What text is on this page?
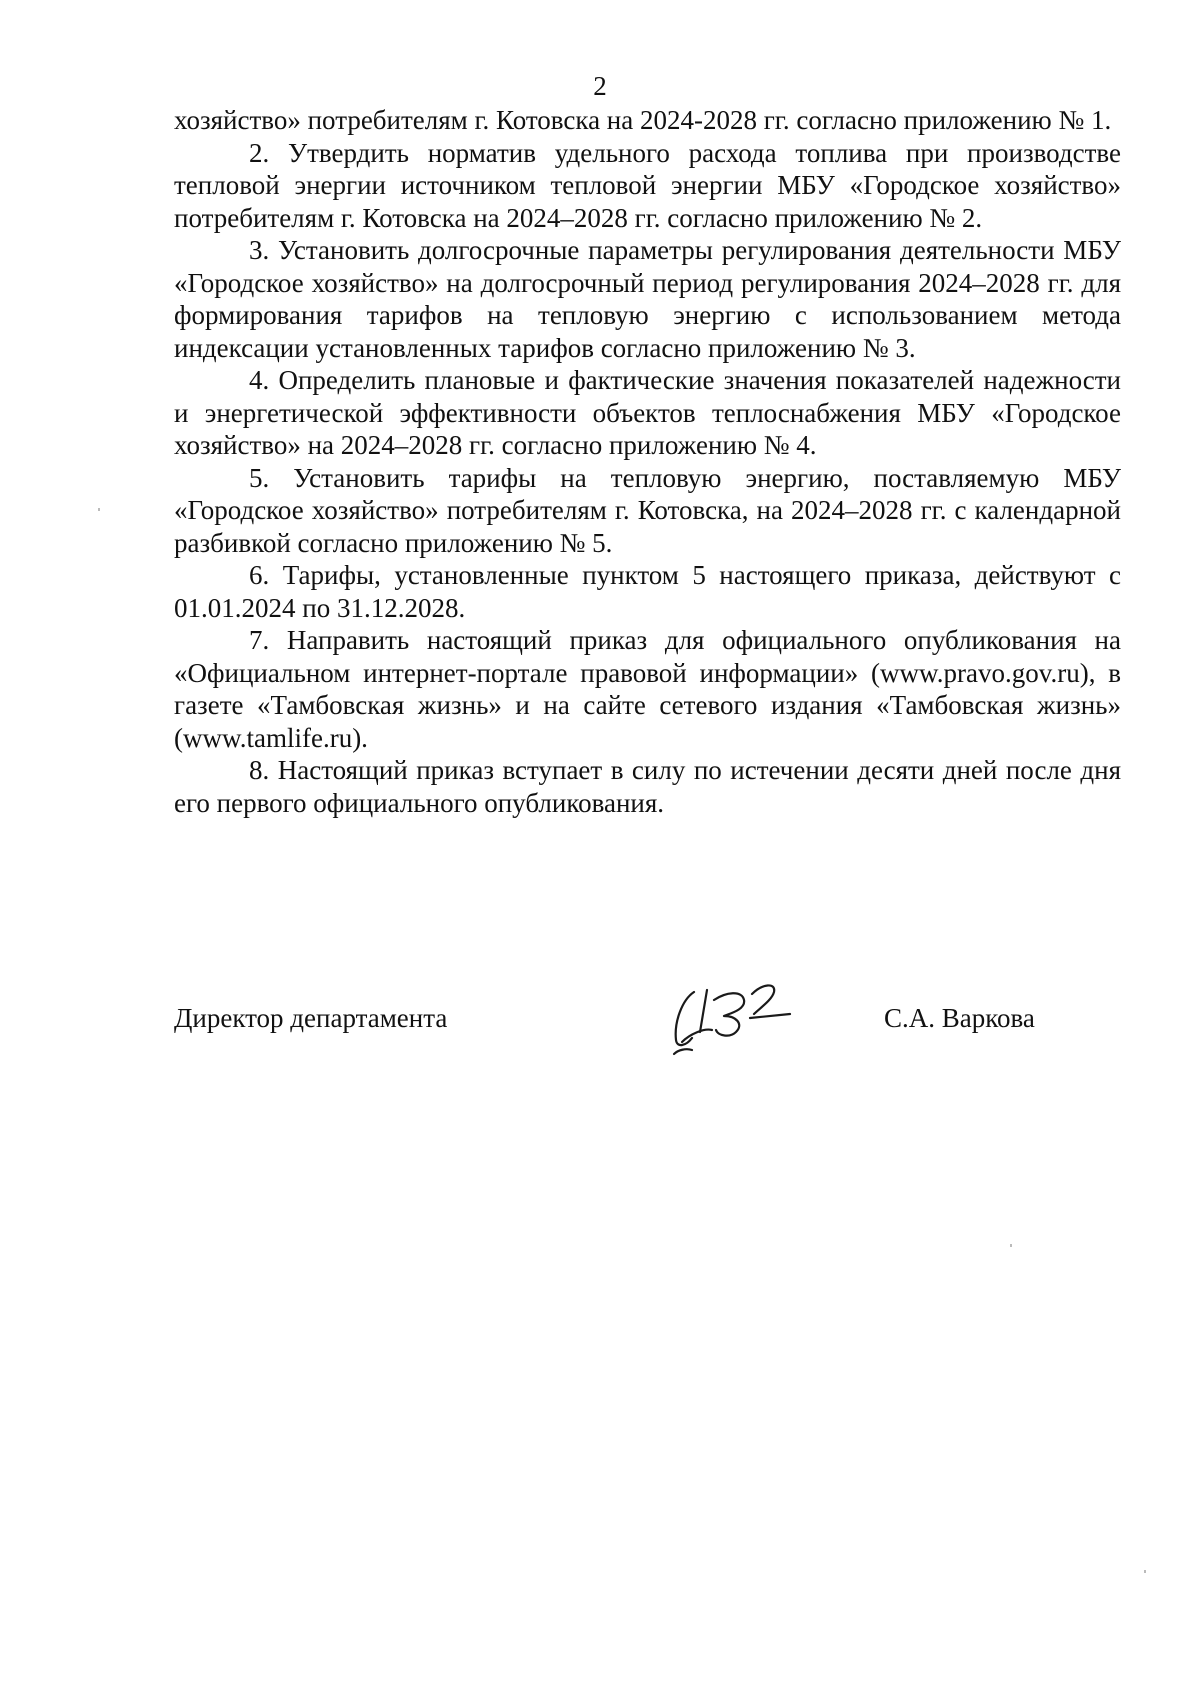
2

хозяйство» потребителям г. Котовска на 2024-2028 гг. согласно приложению № 1.

2. Утвердить норматив удельного расхода топлива при производстве тепловой энергии источником тепловой энергии МБУ «Городское хозяйство» потребителям г. Котовска на 2024–2028 гг. согласно приложению № 2.

3. Установить долгосрочные параметры регулирования деятельности МБУ «Городское хозяйство» на долгосрочный период регулирования 2024–2028 гг. для формирования тарифов на тепловую энергию с использованием метода индексации установленных тарифов согласно приложению № 3.

4. Определить плановые и фактические значения показателей надежности и энергетической эффективности объектов теплоснабжения МБУ «Городское хозяйство» на 2024–2028 гг. согласно приложению № 4.

5. Установить тарифы на тепловую энергию, поставляемую МБУ «Городское хозяйство» потребителям г. Котовска, на 2024–2028 гг. с календарной разбивкой согласно приложению № 5.

6. Тарифы, установленные пунктом 5 настоящего приказа, действуют с 01.01.2024 по 31.12.2028.

7. Направить настоящий приказ для официального опубликования на «Официальном интернет-портале правовой информации» (www.pravo.gov.ru), в газете «Тамбовская жизнь» и на сайте сетевого издания «Тамбовская жизнь» (www.tamlife.ru).

8. Настоящий приказ вступает в силу по истечении десяти дней после дня его первого официального опубликования.

Директор департамента	С.А. Варкова
